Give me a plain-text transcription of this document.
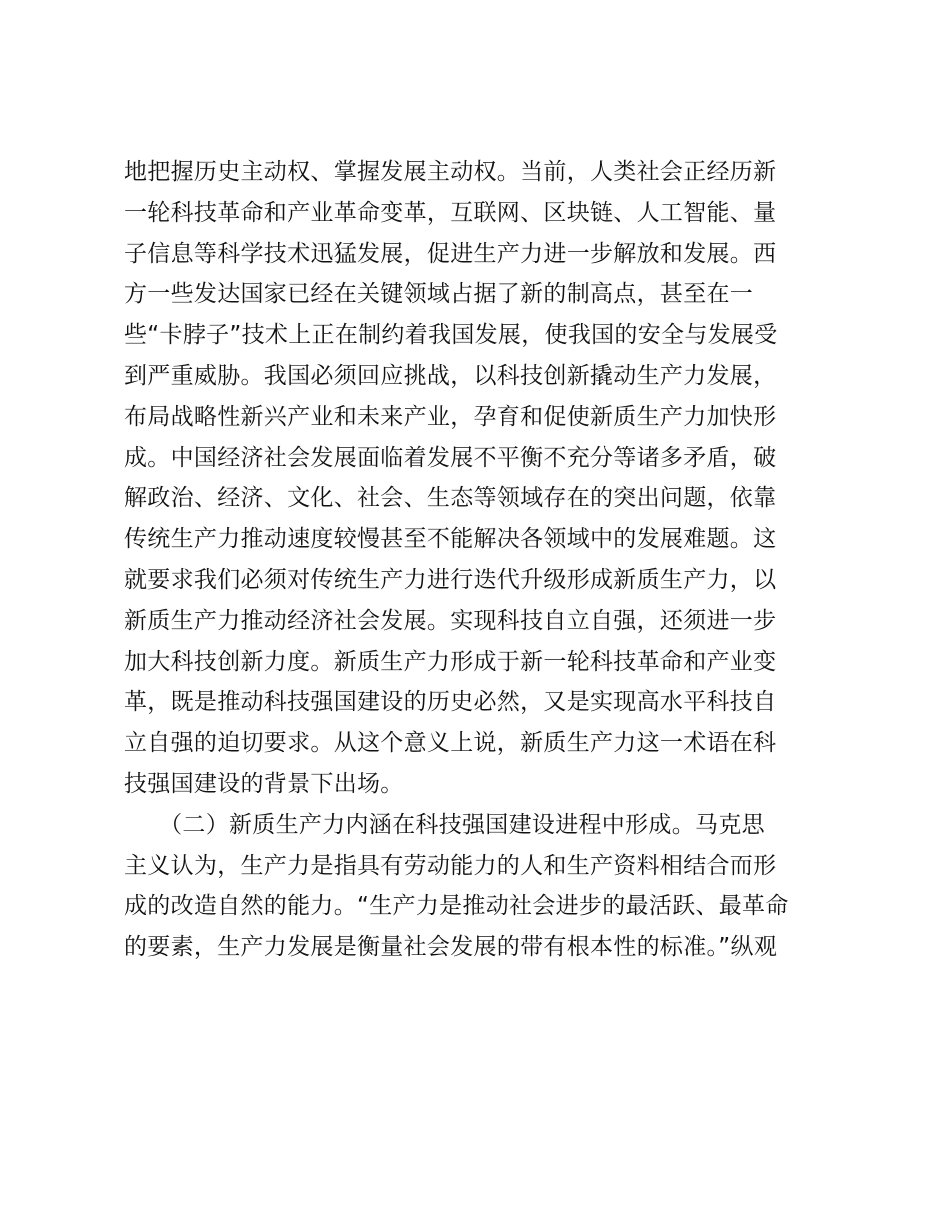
地把握历史主动权、掌握发展主动权。当前，人类社会正经历新
一轮科技革命和产业革命变革，互联网、区块链、人工智能、量
子信息等科学技术迅猛发展，促进生产力进一步解放和发展。西
方一些发达国家已经在关键领域占据了新的制高点，甚至在一
些“卡脖子”技术上正在制约着我国发展，使我国的安全与发展受
到严重威胁。我国必须回应挑战，以科技创新撬动生产力发展，
布局战略性新兴产业和未来产业，孕育和促使新质生产力加快形
成。中国经济社会发展面临着发展不平衡不充分等诸多矛盾，破
解政治、经济、文化、社会、生态等领域存在的突出问题，依靠
传统生产力推动速度较慢甚至不能解决各领域中的发展难题。这
就要求我们必须对传统生产力进行迭代升级形成新质生产力，以
新质生产力推动经济社会发展。实现科技自立自强，还须进一步
加大科技创新力度。新质生产力形成于新一轮科技革命和产业变
革，既是推动科技强国建设的历史必然，又是实现高水平科技自
立自强的迫切要求。从这个意义上说，新质生产力这一术语在科
技强国建设的背景下出场。
　　（二）新质生产力内涵在科技强国建设进程中形成。马克思
主义认为，生产力是指具有劳动能力的人和生产资料相结合而形
成的改造自然的能力。“生产力是推动社会进步的最活跃、最革命
的要素，生产力发展是衡量社会发展的带有根本性的标准。”纵观
